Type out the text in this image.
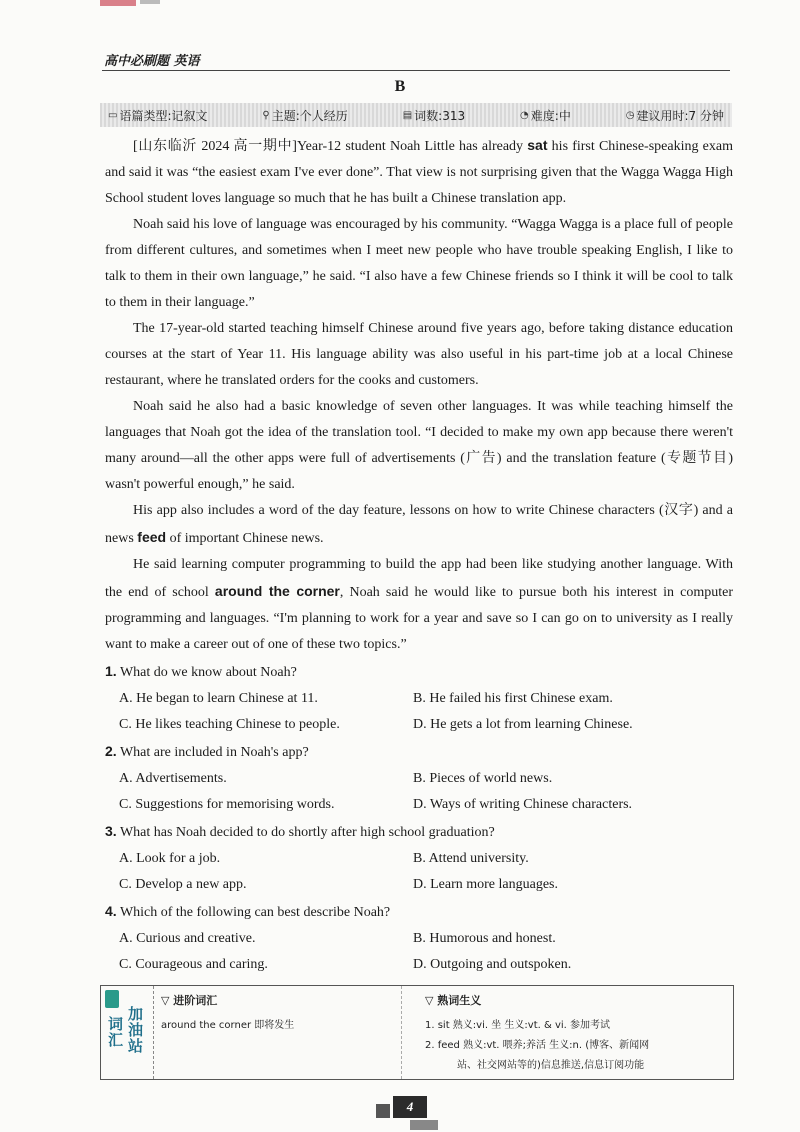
高中必刷题 英语
B
▭ 语篇类型:记叙文	⚲ 主题:个人经历	▤ 词数:313	◔ 难度:中	◷ 建议用时:7 分钟

[山东临沂 2024 高一期中]Year-12 student Noah Little has already sat his first Chinese-speaking exam and said it was “the easiest exam I've ever done”. That view is not surprising given that the Wagga Wagga High School student loves language so much that he has built a Chinese translation app.

Noah said his love of language was encouraged by his community. “Wagga Wagga is a place full of people from different cultures, and sometimes when I meet new people who have trouble speaking English, I like to talk to them in their own language,” he said. “I also have a few Chinese friends so I think it will be cool to talk to them in their language.”

The 17-year-old started teaching himself Chinese around five years ago, before taking distance education courses at the start of Year 11. His language ability was also useful in his part-time job at a local Chinese restaurant, where he translated orders for the cooks and customers.

Noah said he also had a basic knowledge of seven other languages. It was while teaching himself the languages that Noah got the idea of the translation tool. “I decided to make my own app because there weren't many around—all the other apps were full of advertisements (广告) and the translation feature (专题节目) wasn't powerful enough,” he said.

His app also includes a word of the day feature, lessons on how to write Chinese characters (汉字) and a news feed of important Chinese news.

He said learning computer programming to build the app had been like studying another language. With the end of school around the corner, Noah said he would like to pursue both his interest in computer programming and languages. “I'm planning to work for a year and save so I can go on to university as I really want to make a career out of one of these two topics.”

1. What do we know about Noah?

A. He began to learn Chinese at 11.	B. He failed his first Chinese exam.
C. He likes teaching Chinese to people.	D. He gets a lot from learning Chinese.

2. What are included in Noah's app?

A. Advertisements.	B. Pieces of world news.
C. Suggestions for memorising words.	D. Ways of writing Chinese characters.

3. What has Noah decided to do shortly after high school graduation?

A. Look for a job.	B. Attend university.
C. Develop a new app.	D. Learn more languages.

4. Which of the following can best describe Noah?

A. Curious and creative.	B. Humorous and honest.
C. Courageous and caring.	D. Outgoing and outspoken.
词汇 加油站
▽ 进阶词汇
around the corner 即将发生
▽ 熟词生义
1. sit 熟义:vi. 坐 生义:vt. & vi. 参加考试
2. feed 熟义:vt. 喂养;养活 生义:n. (博客、新闻网
站、社交网站等的)信息推送,信息订阅功能
4
